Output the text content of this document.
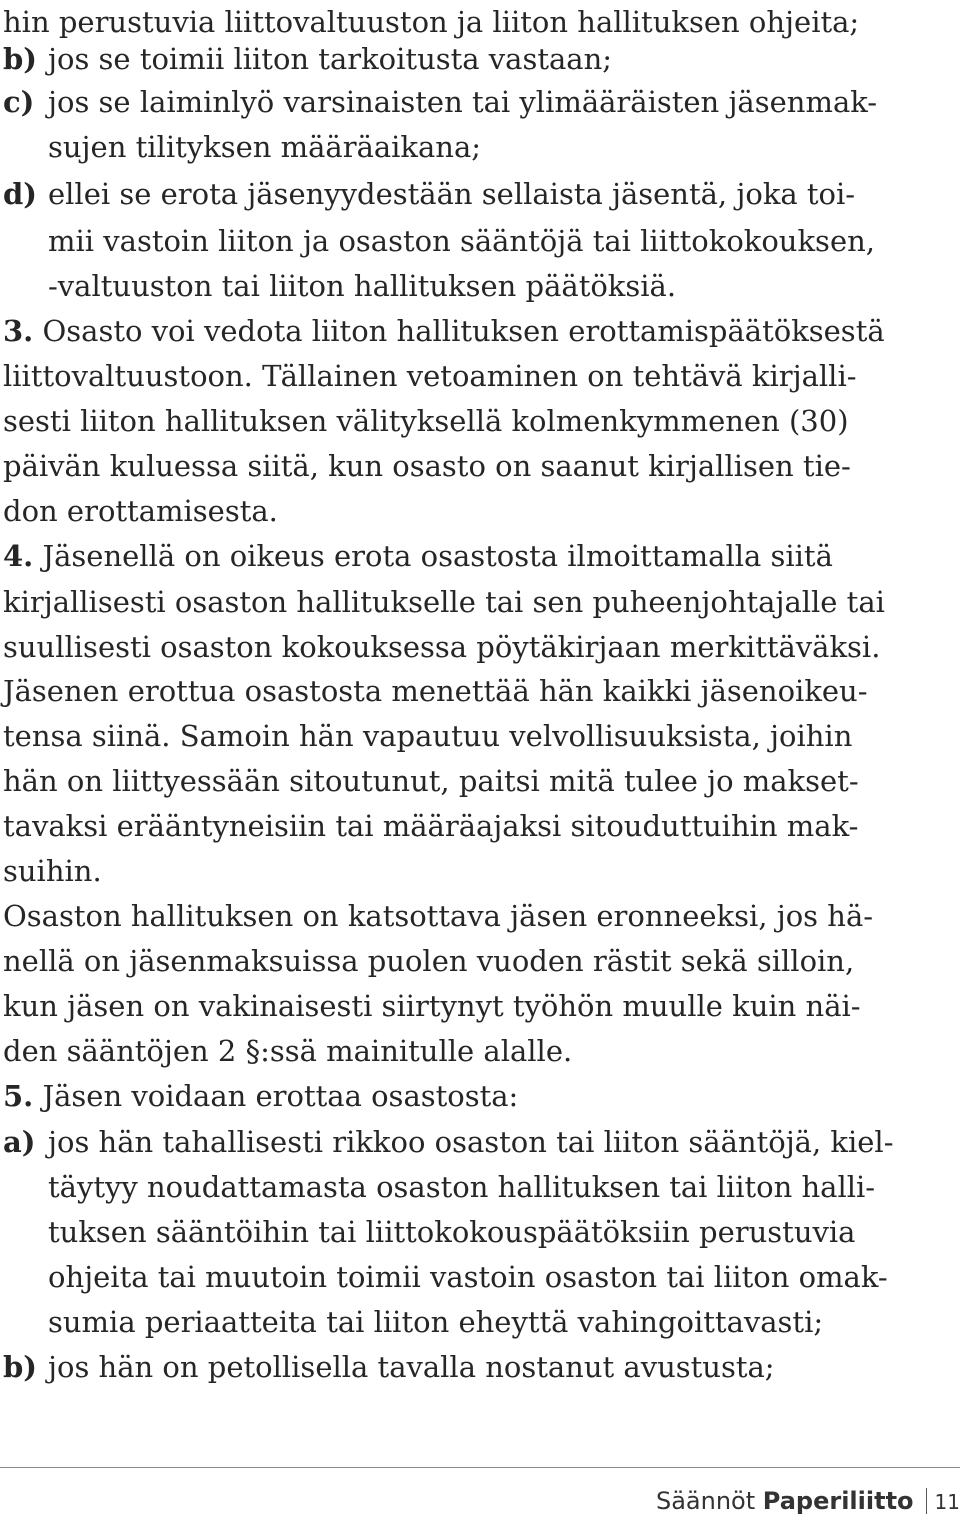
hin perustuvia liittovaltuuston ja liiton hallituksen ohjeita;
b) jos se toimii liiton tarkoitusta vastaan;
c) jos se laiminlyö varsinaisten tai ylimääräisten jäsenmak-
sujen tilityksen määräaikana;
d) ellei se erota jäsenyydestään sellaista jäsentä, joka toi-
mii vastoin liiton ja osaston sääntöjä tai liittokokouksen,
-valtuuston tai liiton hallituksen päätöksiä.
3. Osasto voi vedota liiton hallituksen erottamispäätöksestä
liittovaltuustoon. Tällainen vetoaminen on tehtävä kirjalli-
sesti liiton hallituksen välityksellä kolmenkymmenen (30)
päivän kuluessa siitä, kun osasto on saanut kirjallisen tie-
don erottamisesta.
4. Jäsenellä on oikeus erota osastosta ilmoittamalla siitä
kirjallisesti osaston hallitukselle tai sen puheenjohtajalle tai
suullisesti osaston kokouksessa pöytäkirjaan merkittäväksi.
Jäsenen erottua osastosta menettää hän kaikki jäsenoikeu-
tensa siinä. Samoin hän vapautuu velvollisuuksista, joihin
hän on liittyessään sitoutunut, paitsi mitä tulee jo makset-
tavaksi erääntyneisiin tai määräajaksi sitouduttuihin mak-
suihin.
Osaston hallituksen on katsottava jäsen eronneeksi, jos hä-
nellä on jäsenmaksuissa puolen vuoden rästit sekä silloin,
kun jäsen on vakinaisesti siirtynyt työhön muulle kuin näi-
den sääntöjen 2 §:ssä mainitulle alalle.
5. Jäsen voidaan erottaa osastosta:
a) jos hän tahallisesti rikkoo osaston tai liiton sääntöjä, kiel-
täytyy noudattamasta osaston hallituksen tai liiton halli-
tuksen sääntöihin tai liittokokouspäätöksiin perustuvia
ohjeita tai muutoin toimii vastoin osaston tai liiton omak-
sumia periaatteita tai liiton eheyttä vahingoittavasti;
b) jos hän on petollisella tavalla nostanut avustusta;
Säännöt Paperiliitto 11
